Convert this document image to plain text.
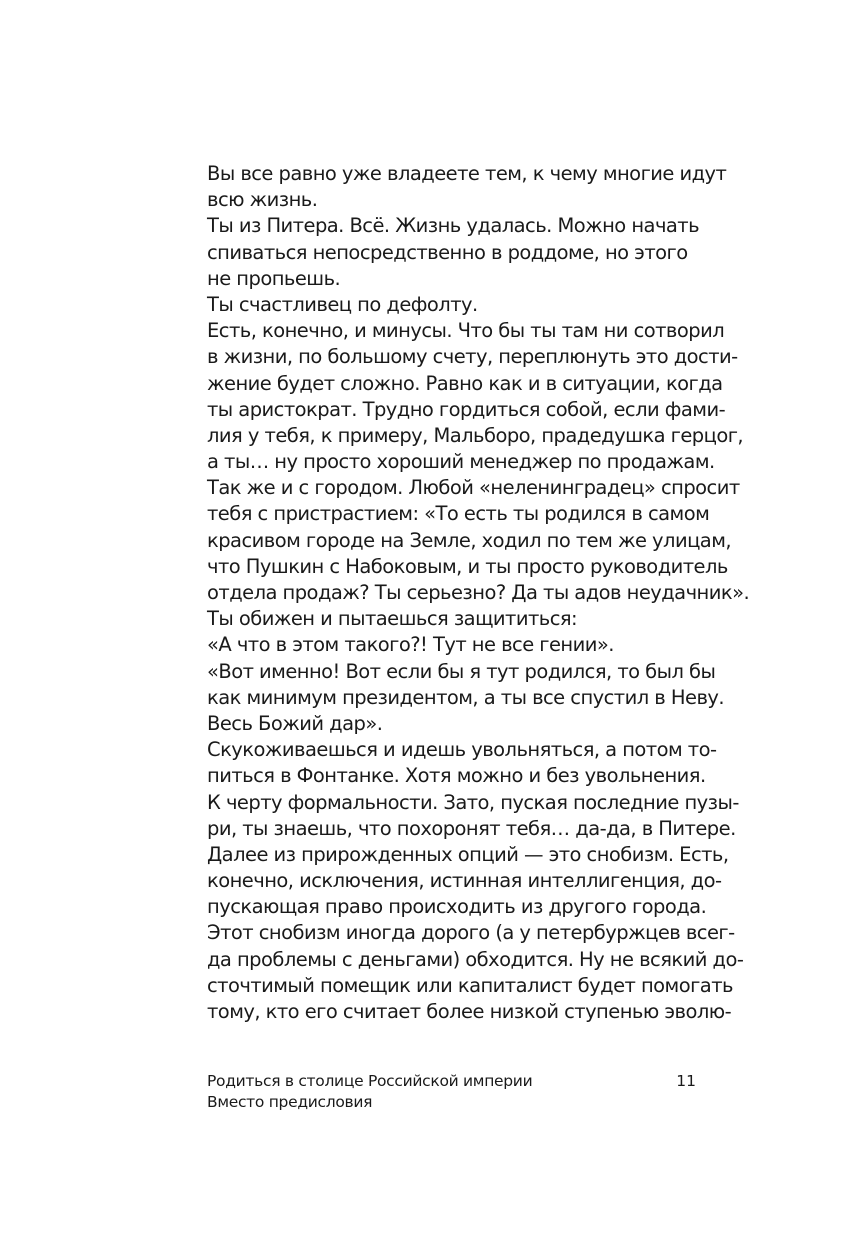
Вы все равно уже владеете тем, к чему многие идут
всю жизнь.
Ты из Питера. Всё. Жизнь удалась. Можно начать
спиваться непосредственно в роддоме, но этого
не пропьешь.
Ты счастливец по дефолту.
Есть, конечно, и минусы. Что бы ты там ни сотворил
в жизни, по большому счету, переплюнуть это дости-
жение будет сложно. Равно как и в ситуации, когда
ты аристократ. Трудно гордиться собой, если фами-
лия у тебя, к примеру, Мальборо, прадедушка герцог,
а ты… ну просто хороший менеджер по продажам.
Так же и с городом. Любой «неленинградец» спросит
тебя с пристрастием: «То есть ты родился в самом
красивом городе на Земле, ходил по тем же улицам,
что Пушкин с Набоковым, и ты просто руководитель
отдела продаж? Ты серьезно? Да ты адов неудачник».
Ты обижен и пытаешься защититься:
«А что в этом такого?! Тут не все гении».
«Вот именно! Вот если бы я тут родился, то был бы
как минимум президентом, а ты все спустил в Неву.
Весь Божий дар».
Скукоживаешься и идешь увольняться, а потом то-
питься в Фонтанке. Хотя можно и без увольнения.
К черту формальности. Зато, пуская последние пузы-
ри, ты знаешь, что похоронят тебя… да-да, в Питере.
Далее из прирожденных опций — это снобизм. Есть,
конечно, исключения, истинная интеллигенция, до-
пускающая право происходить из другого города.
Этот снобизм иногда дорого (а у петербуржцев всег-
да проблемы с деньгами) обходится. Ну не всякий до-
сточтимый помещик или капиталист будет помогать
тому, кто его считает более низкой ступенью эволю-
Родиться в столице Российской империи
Вместо предисловия
11
